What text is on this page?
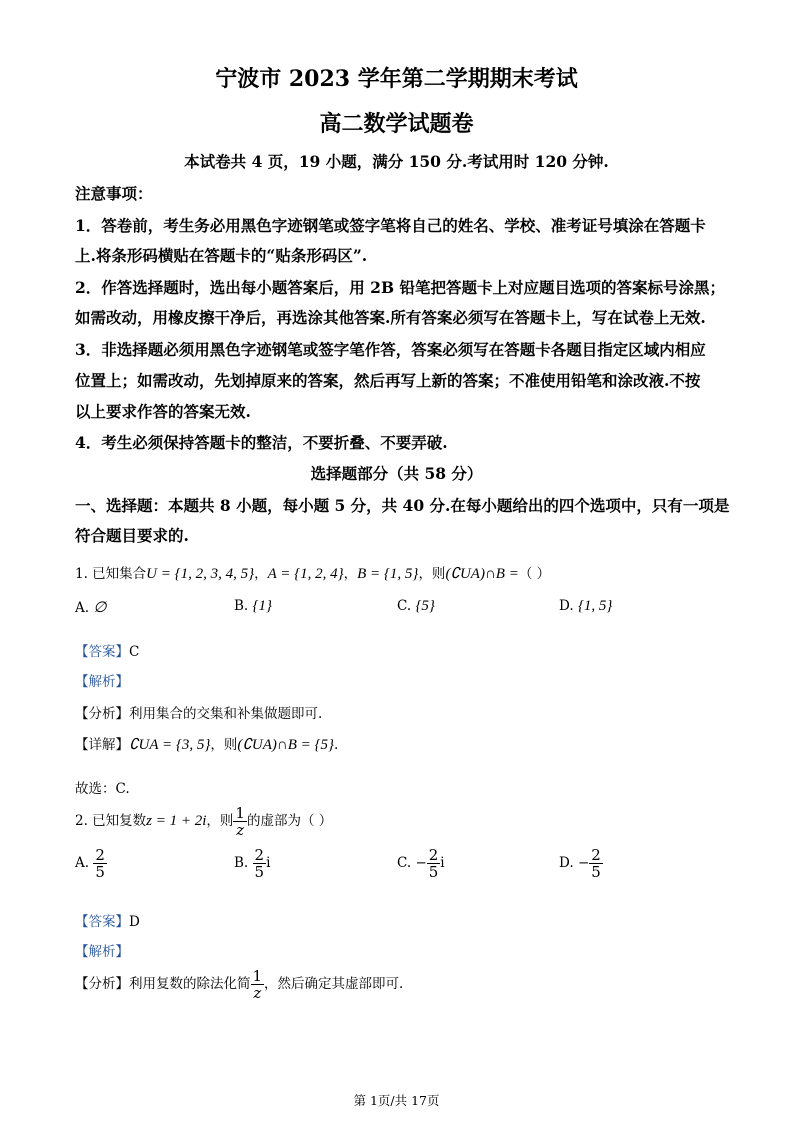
宁波市 2023 学年第二学期期末考试
高二数学试题卷
本试卷共 4 页，19 小题，满分 150 分.考试用时 120 分钟.
注意事项：
1．答卷前，考生务必用黑色字迹钢笔或签字笔将自己的姓名、学校、准考证号填涂在答题卡
上.将条形码横贴在答题卡的“贴条形码区”.
2．作答选择题时，选出每小题答案后，用 2B 铅笔把答题卡上对应题目选项的答案标号涂黑；
如需改动，用橡皮擦干净后，再选涂其他答案.所有答案必须写在答题卡上，写在试卷上无效.
3．非选择题必须用黑色字迹钢笔或签字笔作答，答案必须写在答题卡各题目指定区域内相应
位置上；如需改动，先划掉原来的答案，然后再写上新的答案；不准使用铅笔和涂改液.不按
以上要求作答的答案无效.
4．考生必须保持答题卡的整洁，不要折叠、不要弄破.
选择题部分（共 58 分）
一、选择题：本题共 8 小题，每小题 5 分，共 40 分.在每小题给出的四个选项中，只有一项是
符合题目要求的.
1. 已知集合U = {1, 2, 3, 4, 5}，A = {1, 2, 4}，B = {1, 5}，则(∁UA)∩B =（ ）
A. ∅	B. {1}	C. {5}	D. {1, 5}
【答案】C
【解析】
【分析】利用集合的交集和补集做题即可.
【详解】∁UA = {3, 5}，则(∁UA)∩B = {5}.
故选：C.
2. 已知复数z = 1 + 2i，则 $\frac{1}{z}$ 的虚部为（ ）
A. $\frac{2}{5}$	B. $\frac{2}{5}$ i	C. − $\frac{2}{5}$ i	D. − $\frac{2}{5}$
【答案】D
【解析】
【分析】利用复数的除法化简 $\frac{1}{z}$ ，然后确定其虚部即可.
第 1页/共 17页
